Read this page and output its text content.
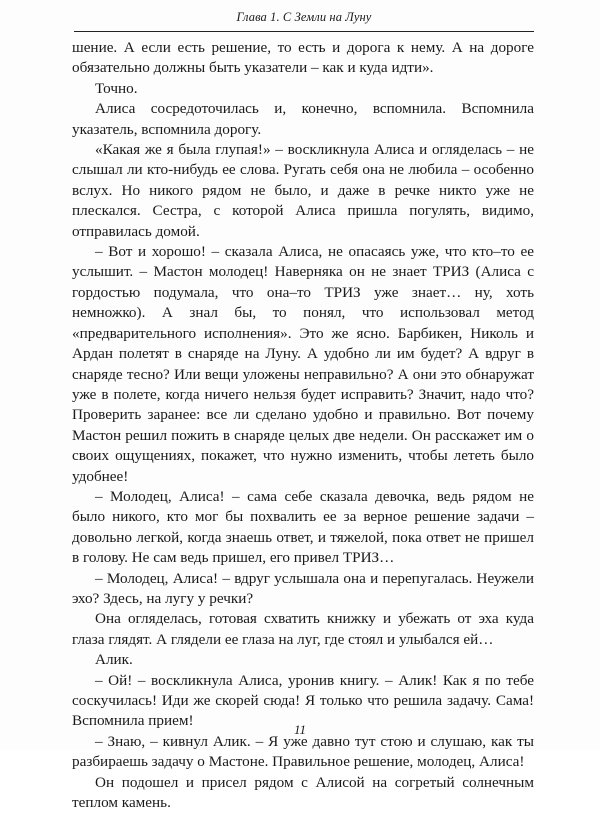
Глава 1. С Земли на Луну

шение. А если есть решение, то есть и дорога к нему. А на дороге обязательно должны быть указатели – как и куда идти».

Точно.

Алиса сосредоточилась и, конечно, вспомнила. Вспомнила указатель, вспомнила дорогу.

«Какая же я была глупая!» – воскликнула Алиса и огляделась – не слышал ли кто-нибудь ее слова. Ругать себя она не любила – особенно вслух. Но никого рядом не было, и даже в речке никто уже не плескался. Сестра, с которой Алиса пришла погулять, видимо, отправилась домой.

– Вот и хорошо! – сказала Алиса, не опасаясь уже, что кто–то ее услышит. – Мастон молодец! Наверняка он не знает ТРИЗ (Алиса с гордостью подумала, что она–то ТРИЗ уже знает… ну, хоть немножко). А знал бы, то понял, что использовал метод «предварительного исполнения». Это же ясно. Барбикен, Николь и Ардан полетят в снаряде на Луну. А удобно ли им будет? А вдруг в снаряде тесно? Или вещи уложены неправильно? А они это обнаружат уже в полете, когда ничего нельзя будет исправить? Значит, надо что? Проверить заранее: все ли сделано удобно и правильно. Вот почему Мастон решил пожить в снаряде целых две недели. Он расскажет им о своих ощущениях, покажет, что нужно изменить, чтобы лететь было удобнее!

– Молодец, Алиса! – сама себе сказала девочка, ведь рядом не было никого, кто мог бы похвалить ее за верное решение задачи – довольно легкой, когда знаешь ответ, и тяжелой, пока ответ не пришел в голову. Не сам ведь пришел, его привел ТРИЗ…

– Молодец, Алиса! – вдруг услышала она и перепугалась. Неужели эхо? Здесь, на лугу у речки?

Она огляделась, готовая схватить книжку и убежать от эха куда глаза глядят. А глядели ее глаза на луг, где стоял и улыбался ей…

Алик.

– Ой! – воскликнула Алиса, уронив книгу. – Алик! Как я по тебе соскучилась! Иди же скорей сюда! Я только что решила задачу. Сама! Вспомнила прием!

– Знаю, – кивнул Алик. – Я уже давно тут стою и слушаю, как ты разбираешь задачу о Мастоне. Правильное решение, молодец, Алиса!

Он подошел и присел рядом с Алисой на согретый солнечным теплом камень.

11
